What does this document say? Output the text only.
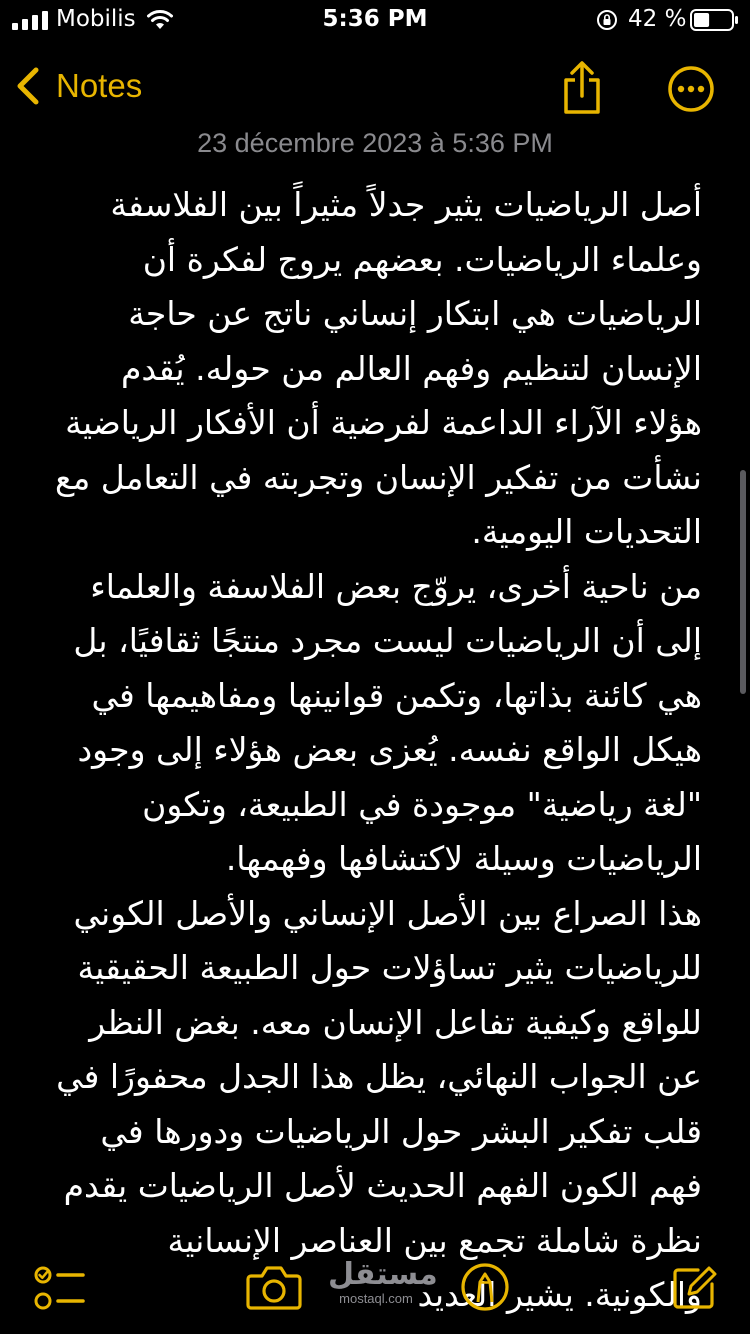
Mobilis	5:36 PM	42 %
Notes
23 décembre 2023 à 5:36 PM

أصل الرياضيات يثير جدلاً مثيراً بين الفلاسفة وعلماء الرياضيات. بعضهم يروج لفكرة أن الرياضيات هي ابتكار إنساني ناتج عن حاجة الإنسان لتنظيم وفهم العالم من حوله. يُقدم هؤلاء الآراء الداعمة لفرضية أن الأفكار الرياضية نشأت من تفكير الإنسان وتجربته في التعامل مع التحديات اليومية.

من ناحية أخرى، يروّج بعض الفلاسفة والعلماء إلى أن الرياضيات ليست مجرد منتجًا ثقافيًا، بل هي كائنة بذاتها، وتكمن قوانينها ومفاهيمها في هيكل الواقع نفسه. يُعزى بعض هؤلاء إلى وجود "لغة رياضية" موجودة في الطبيعة، وتكون الرياضيات وسيلة لاكتشافها وفهمها.

هذا الصراع بين الأصل الإنساني والأصل الكوني للرياضيات يثير تساؤلات حول الطبيعة الحقيقية للواقع وكيفية تفاعل الإنسان معه. بغض النظر عن الجواب النهائي، يظل هذا الجدل محفورًا في قلب تفكير البشر حول الرياضيات ودورها في فهم الكون الفهم الحديث لأصل الرياضيات يقدم نظرة شاملة تجمع بين العناصر الإنسانية والكونية. يشير العديد

مستقل
mostaql.com
